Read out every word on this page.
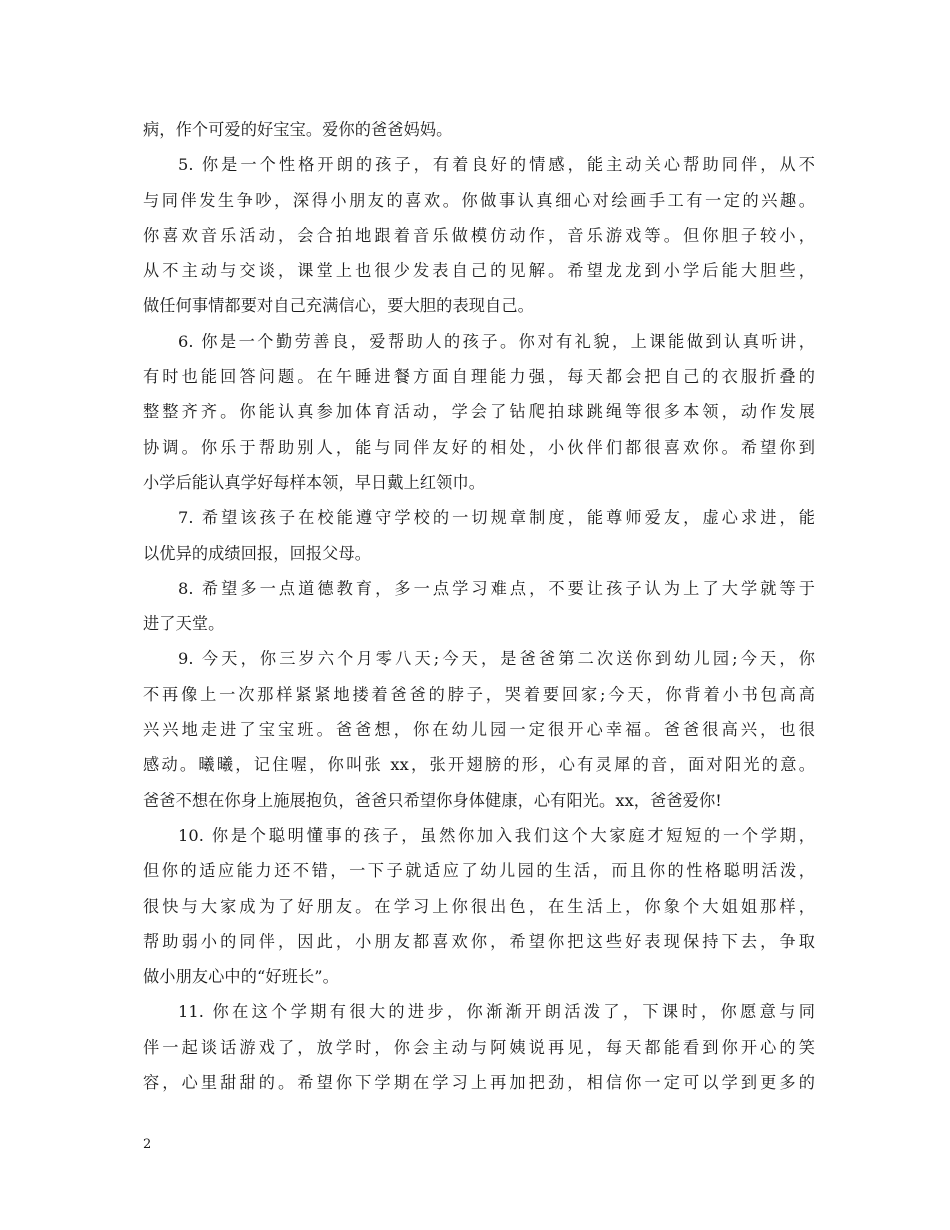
病，作个可爱的好宝宝。爱你的爸爸妈妈。
5. 你是一个性格开朗的孩子，有着良好的情感，能主动关心帮助同伴，从不
与同伴发生争吵，深得小朋友的喜欢。你做事认真细心对绘画手工有一定的兴趣。
你喜欢音乐活动，会合拍地跟着音乐做模仿动作，音乐游戏等。但你胆子较小，
从不主动与交谈，课堂上也很少发表自己的见解。希望龙龙到小学后能大胆些，
做任何事情都要对自己充满信心，要大胆的表现自己。
6. 你是一个勤劳善良，爱帮助人的孩子。你对有礼貌，上课能做到认真听讲，
有时也能回答问题。在午睡进餐方面自理能力强，每天都会把自己的衣服折叠的
整整齐齐。你能认真参加体育活动，学会了钻爬拍球跳绳等很多本领，动作发展
协调。你乐于帮助别人，能与同伴友好的相处，小伙伴们都很喜欢你。希望你到
小学后能认真学好每样本领，早日戴上红领巾。
7. 希望该孩子在校能遵守学校的一切规章制度，能尊师爱友，虚心求进，能
以优异的成绩回报，回报父母。
8. 希望多一点道德教育，多一点学习难点，不要让孩子认为上了大学就等于
进了天堂。
9. 今天，你三岁六个月零八天;今天，是爸爸第二次送你到幼儿园;今天，你
不再像上一次那样紧紧地搂着爸爸的脖子，哭着要回家;今天，你背着小书包高高
兴兴地走进了宝宝班。爸爸想，你在幼儿园一定很开心幸福。爸爸很高兴，也很
感动。曦曦，记住喔，你叫张 xx，张开翅膀的形，心有灵犀的音，面对阳光的意。
爸爸不想在你身上施展抱负，爸爸只希望你身体健康，心有阳光。xx，爸爸爱你!
10. 你是个聪明懂事的孩子，虽然你加入我们这个大家庭才短短的一个学期，
但你的适应能力还不错，一下子就适应了幼儿园的生活，而且你的性格聪明活泼，
很快与大家成为了好朋友。在学习上你很出色，在生活上，你象个大姐姐那样，
帮助弱小的同伴，因此，小朋友都喜欢你，希望你把这些好表现保持下去，争取
做小朋友心中的“好班长”。
11. 你在这个学期有很大的进步，你渐渐开朗活泼了，下课时，你愿意与同
伴一起谈话游戏了，放学时，你会主动与阿姨说再见，每天都能看到你开心的笑
容，心里甜甜的。希望你下学期在学习上再加把劲，相信你一定可以学到更多的
2
